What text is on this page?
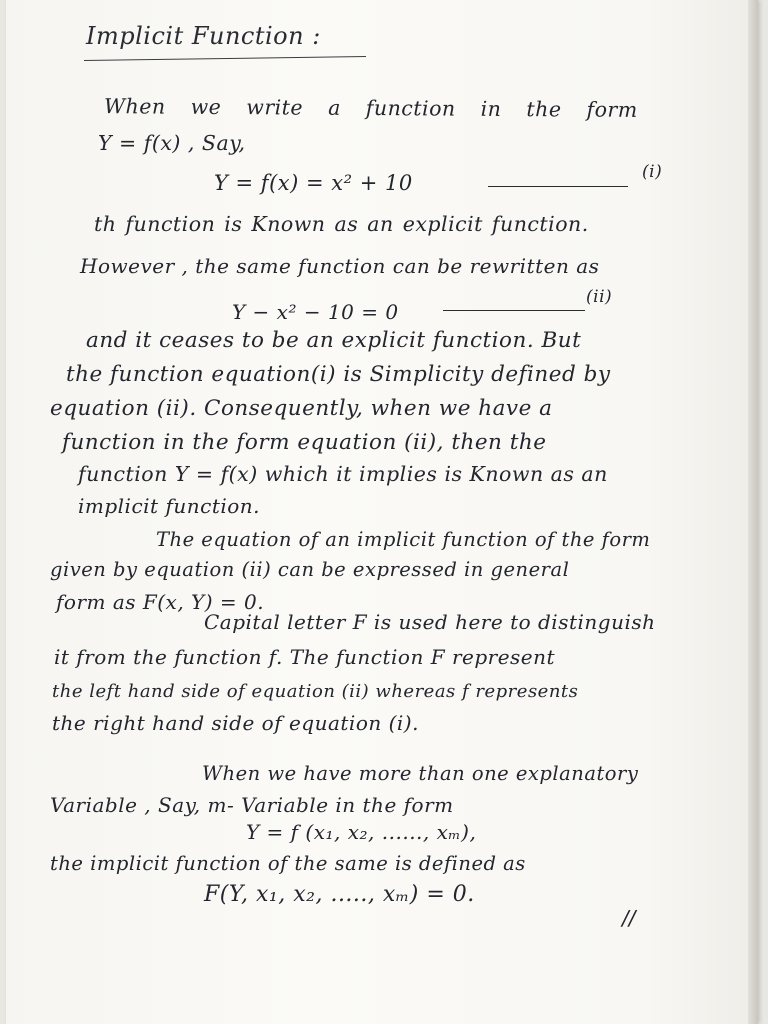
Implicit Function :
When we write a function in the form
Y = f(x) , Say,
Y = f(x) = x² + 10	(i)
th function is Known as an explicit function.
However , the same function can be rewritten as
Y − x² − 10 = 0
(ii)
and it ceases to be an explicit function. But
the function equation(i) is Simplicity defined by
equation (ii). Consequently, when we have a
function in the form equation (ii), then the
function Y = f(x) which it implies is Known as an
implicit function.
The equation of an implicit function of the form
given by equation (ii) can be expressed in general
form as F(x, Y) = 0.
Capital letter F is used here to distinguish
it from the function f. The function F represent
the left hand side of equation (ii) whereas f represents
the right hand side of equation (i).
When we have more than one explanatory
Variable , Say, m- Variable in the form
Y = f (x₁, x₂, ......, xₘ),
the implicit function of the same is defined as
F(Y, x₁, x₂, ....., xₘ) = 0.
//
